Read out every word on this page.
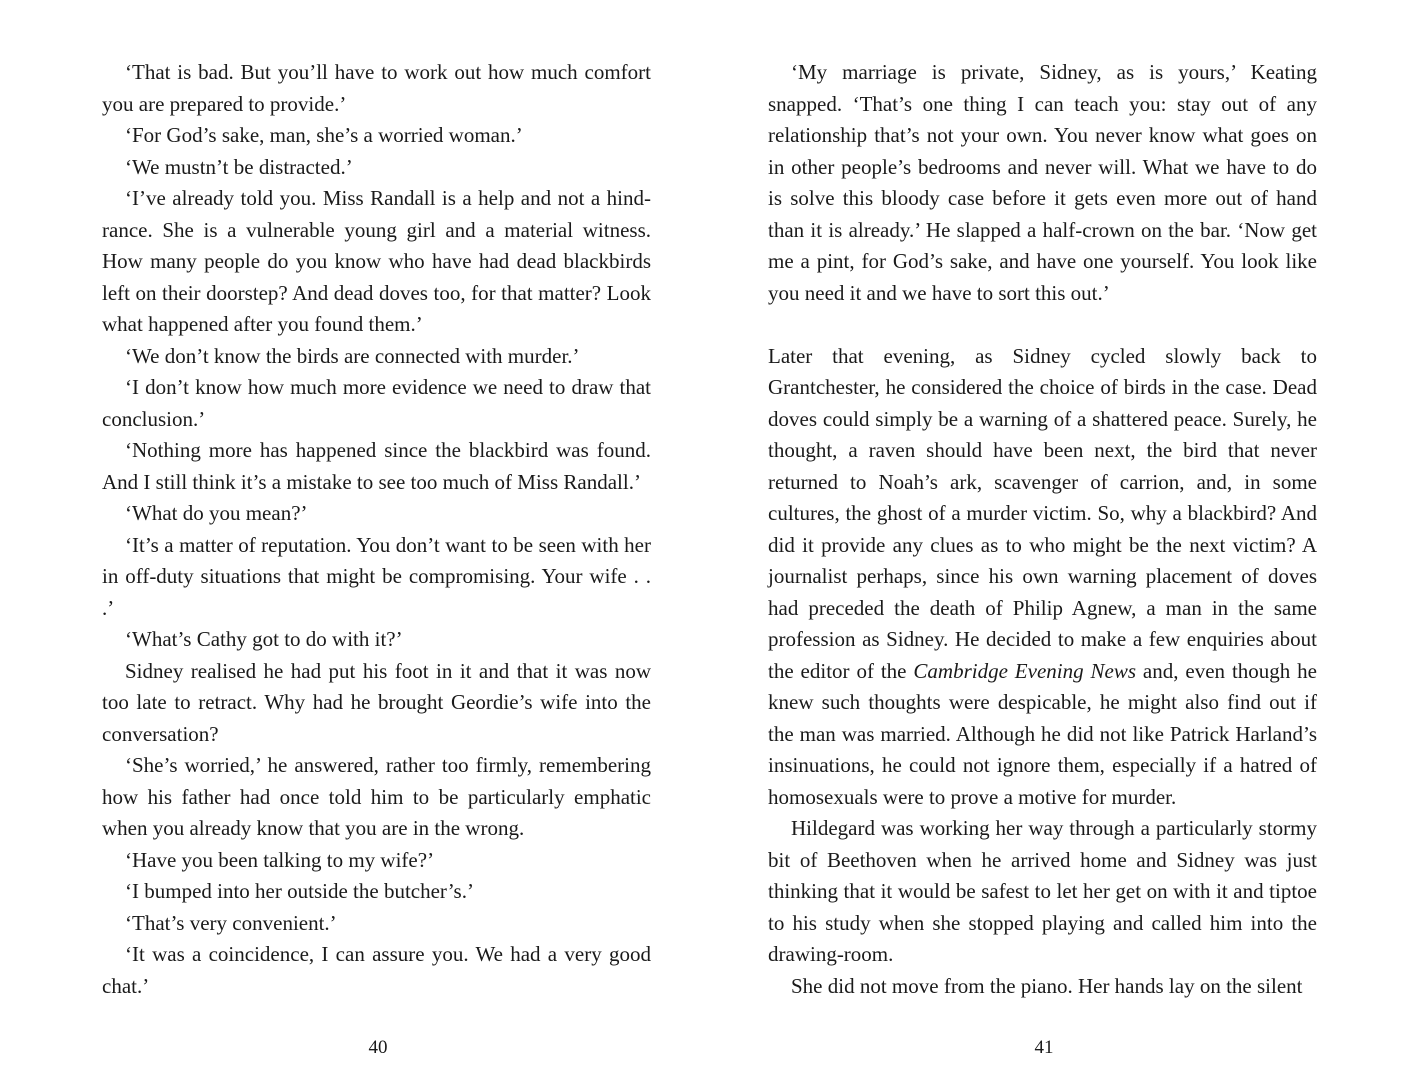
‘That is bad. But you’ll have to work out how much comfort you are prepared to provide.’

‘For God’s sake, man, she’s a worried woman.’

‘We mustn’t be distracted.’

‘I’ve already told you. Miss Randall is a help and not a hindrance. She is a vulnerable young girl and a material witness. How many people do you know who have had dead blackbirds left on their doorstep? And dead doves too, for that matter? Look what happened after you found them.’

‘We don’t know the birds are connected with murder.’

‘I don’t know how much more evidence we need to draw that conclusion.’

‘Nothing more has happened since the blackbird was found. And I still think it’s a mistake to see too much of Miss Randall.’

‘What do you mean?’

‘It’s a matter of reputation. You don’t want to be seen with her in off-duty situations that might be compromising. Your wife . . .’

‘What’s Cathy got to do with it?’

Sidney realised he had put his foot in it and that it was now too late to retract. Why had he brought Geordie’s wife into the conversation?

‘She’s worried,’ he answered, rather too firmly, remembering how his father had once told him to be particularly emphatic when you already know that you are in the wrong.

‘Have you been talking to my wife?’

‘I bumped into her outside the butcher’s.’

‘That’s very convenient.’

‘It was a coincidence, I can assure you. We had a very good chat.’

‘My marriage is private, Sidney, as is yours,’ Keating snapped. ‘That’s one thing I can teach you: stay out of any relationship that’s not your own. You never know what goes on in other people’s bedrooms and never will. What we have to do is solve this bloody case before it gets even more out of hand than it is already.’ He slapped a half-crown on the bar. ‘Now get me a pint, for God’s sake, and have one yourself. You look like you need it and we have to sort this out.’

Later that evening, as Sidney cycled slowly back to Grantchester, he considered the choice of birds in the case. Dead doves could simply be a warning of a shattered peace. Surely, he thought, a raven should have been next, the bird that never returned to Noah’s ark, scavenger of carrion, and, in some cultures, the ghost of a murder victim. So, why a blackbird? And did it provide any clues as to who might be the next victim? A journalist perhaps, since his own warning placement of doves had preceded the death of Philip Agnew, a man in the same profession as Sidney. He decided to make a few enquiries about the editor of the Cambridge Evening News and, even though he knew such thoughts were despicable, he might also find out if the man was married. Although he did not like Patrick Harland’s insinuations, he could not ignore them, especially if a hatred of homosexuals were to prove a motive for murder.

Hildegard was working her way through a particularly stormy bit of Beethoven when he arrived home and Sidney was just thinking that it would be safest to let her get on with it and tiptoe to his study when she stopped playing and called him into the drawing-room.

She did not move from the piano. Her hands lay on the silent

40	41
